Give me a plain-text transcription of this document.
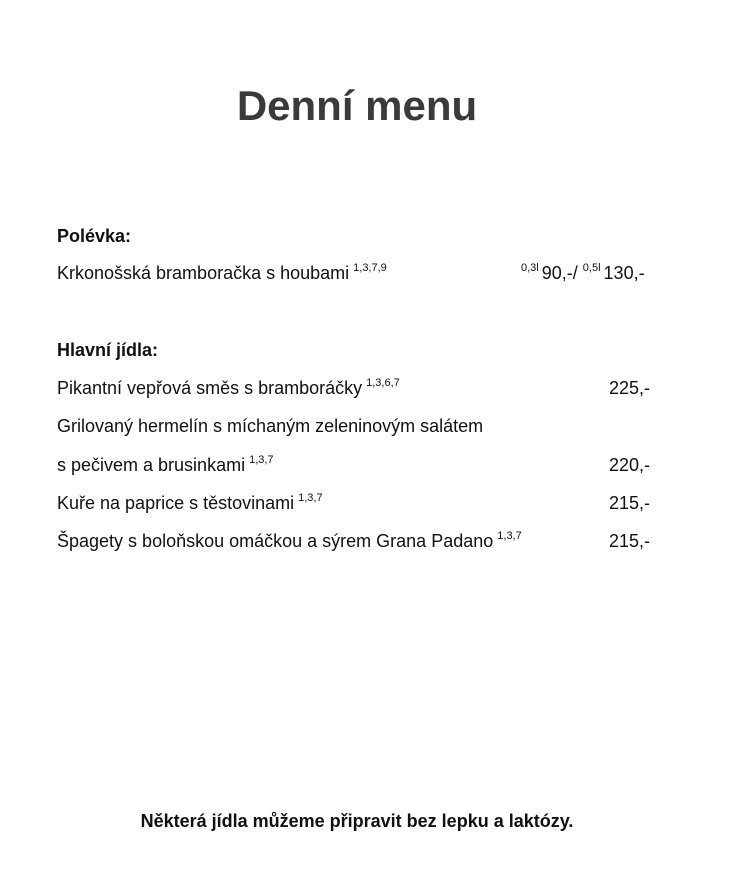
Denní menu
Polévka:
Krkonošská bramboračka s houbami $^{1,3,7,9}$	$^{0,3l}$ 90,-/ $^{0,5l}$ 130,-
Hlavní jídla:
Pikantní vepřová směs s bramboráčky $^{1,3,6,7}$	225,-
Grilovaný hermelín s míchaným zeleninovým salátem
s pečivem a brusinkami $^{1,3,7}$	220,-
Kuře na paprice s těstovinami $^{1,3,7}$	215,-
Špagety s boloňskou omáčkou a sýrem Grana Padano $^{1,3,7}$	215,-
Některá jídla můžeme připravit bez lepku a laktózy.
